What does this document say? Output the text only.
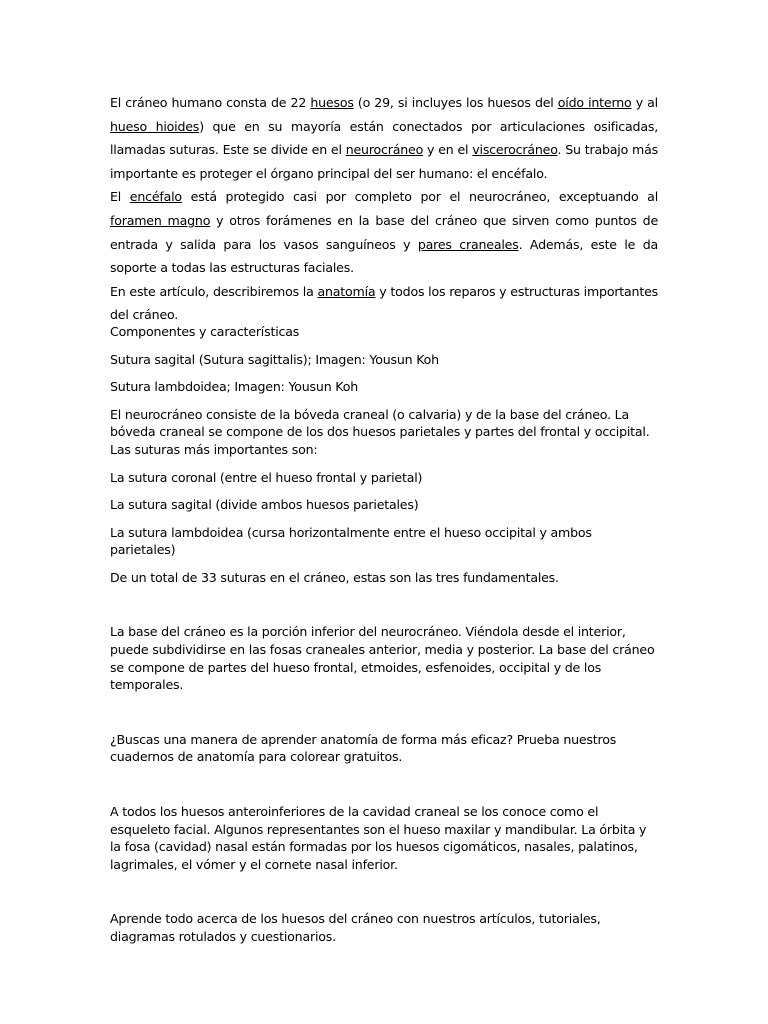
El cráneo humano consta de 22 huesos (o 29, si incluyes los huesos del oído interno y al hueso hioides) que en su mayoría están conectados por articulaciones osificadas, llamadas suturas. Este se divide en el neurocráneo y en el viscerocráneo. Su trabajo más importante es proteger el órgano principal del ser humano: el encéfalo.

El encéfalo está protegido casi por completo por el neurocráneo, exceptuando al foramen magno y otros forámenes en la base del cráneo que sirven como puntos de entrada y salida para los vasos sanguíneos y pares craneales. Además, este le da soporte a todas las estructuras faciales.

En este artículo, describiremos la anatomía y todos los reparos y estructuras importantes del cráneo.

Componentes y características

Sutura sagital (Sutura sagittalis); Imagen: Yousun Koh

Sutura lambdoidea; Imagen: Yousun Koh

El neurocráneo consiste de la bóveda craneal (o calvaria) y de la base del cráneo. La bóveda craneal se compone de los dos huesos parietales y partes del frontal y occipital. Las suturas más importantes son:

La sutura coronal (entre el hueso frontal y parietal)

La sutura sagital (divide ambos huesos parietales)

La sutura lambdoidea (cursa horizontalmente entre el hueso occipital y ambos parietales)

De un total de 33 suturas en el cráneo, estas son las tres fundamentales.

La base del cráneo es la porción inferior del neurocráneo. Viéndola desde el interior, puede subdividirse en las fosas craneales anterior, media y posterior. La base del cráneo se compone de partes del hueso frontal, etmoides, esfenoides, occipital y de los temporales.

¿Buscas una manera de aprender anatomía de forma más eficaz? Prueba nuestros cuadernos de anatomía para colorear gratuitos.

A todos los huesos anteroinferiores de la cavidad craneal se los conoce como el esqueleto facial. Algunos representantes son el hueso maxilar y mandibular. La órbita y la fosa (cavidad) nasal están formadas por los huesos cigomáticos, nasales, palatinos, lagrimales, el vómer y el cornete nasal inferior.

Aprende todo acerca de los huesos del cráneo con nuestros artículos, tutoriales, diagramas rotulados y cuestionarios.
